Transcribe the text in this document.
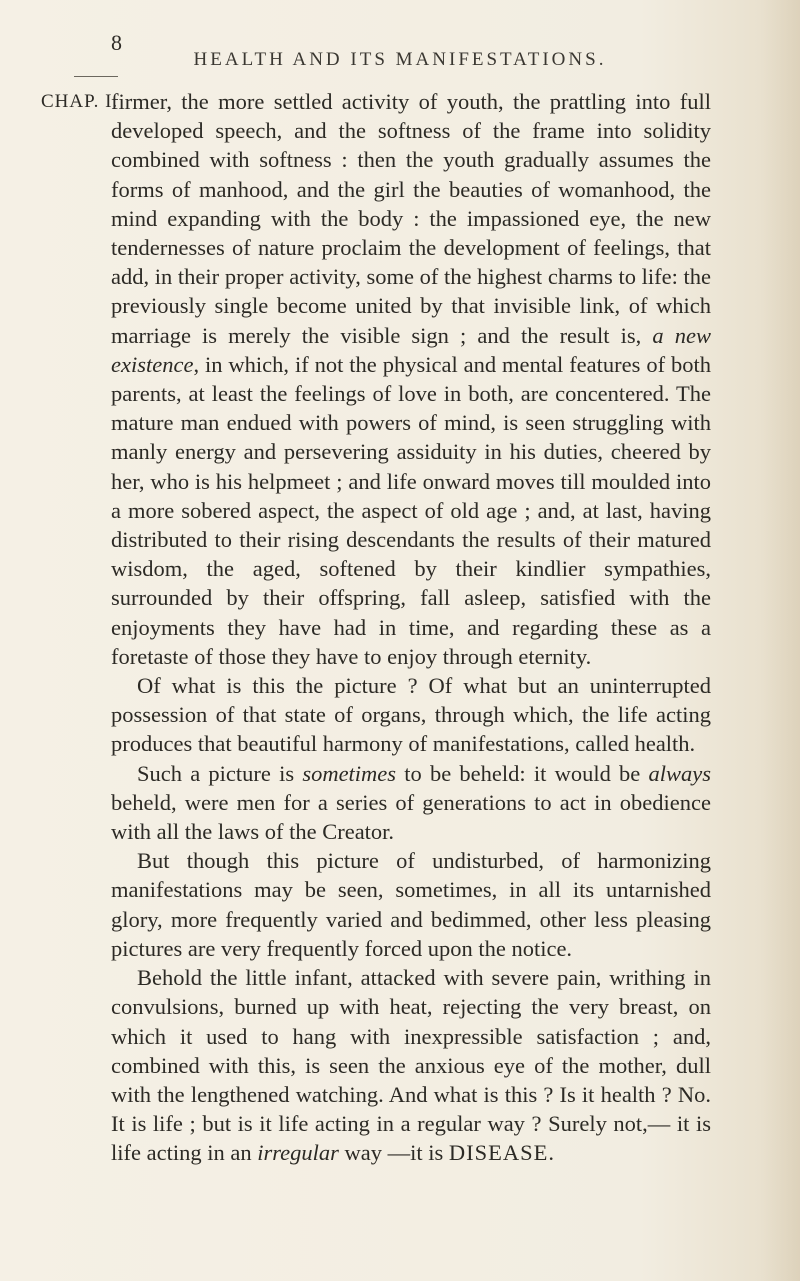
8
HEALTH AND ITS MANIFESTATIONS.
CHAP. I.

firmer, the more settled activity of youth, the prattling into full developed speech, and the softness of the frame into solidity combined with softness : then the youth gradually assumes the forms of manhood, and the girl the beauties of womanhood, the mind expanding with the body : the impassioned eye, the new tendernesses of nature proclaim the development of feelings, that add, in their proper activity, some of the highest charms to life: the previously single become united by that invisible link, of which marriage is merely the visible sign ; and the result is, a new existence, in which, if not the physical and mental features of both parents, at least the feelings of love in both, are concentered. The mature man endued with powers of mind, is seen struggling with manly energy and persevering assiduity in his duties, cheered by her, who is his helpmeet ; and life onward moves till moulded into a more sobered aspect, the aspect of old age ; and, at last, having distributed to their rising descendants the results of their matured wisdom, the aged, softened by their kindlier sympathies, surrounded by their offspring, fall asleep, satisfied with the enjoyments they have had in time, and regarding these as a foretaste of those they have to enjoy through eternity.

Of what is this the picture ? Of what but an uninterrupted possession of that state of organs, through which, the life acting produces that beautiful harmony of manifestations, called health.

Such a picture is sometimes to be beheld: it would be always beheld, were men for a series of generations to act in obedience with all the laws of the Creator.

But though this picture of undisturbed, of harmonizing manifestations may be seen, sometimes, in all its untarnished glory, more frequently varied and bedimmed, other less pleasing pictures are very frequently forced upon the notice.

Behold the little infant, attacked with severe pain, writhing in convulsions, burned up with heat, rejecting the very breast, on which it used to hang with inexpressible satisfaction ; and, combined with this, is seen the anxious eye of the mother, dull with the lengthened watching. And what is this ? Is it health ? No. It is life ; but is it life acting in a regular way ? Surely not,— it is life acting in an irregular way —it is DISEASE.
